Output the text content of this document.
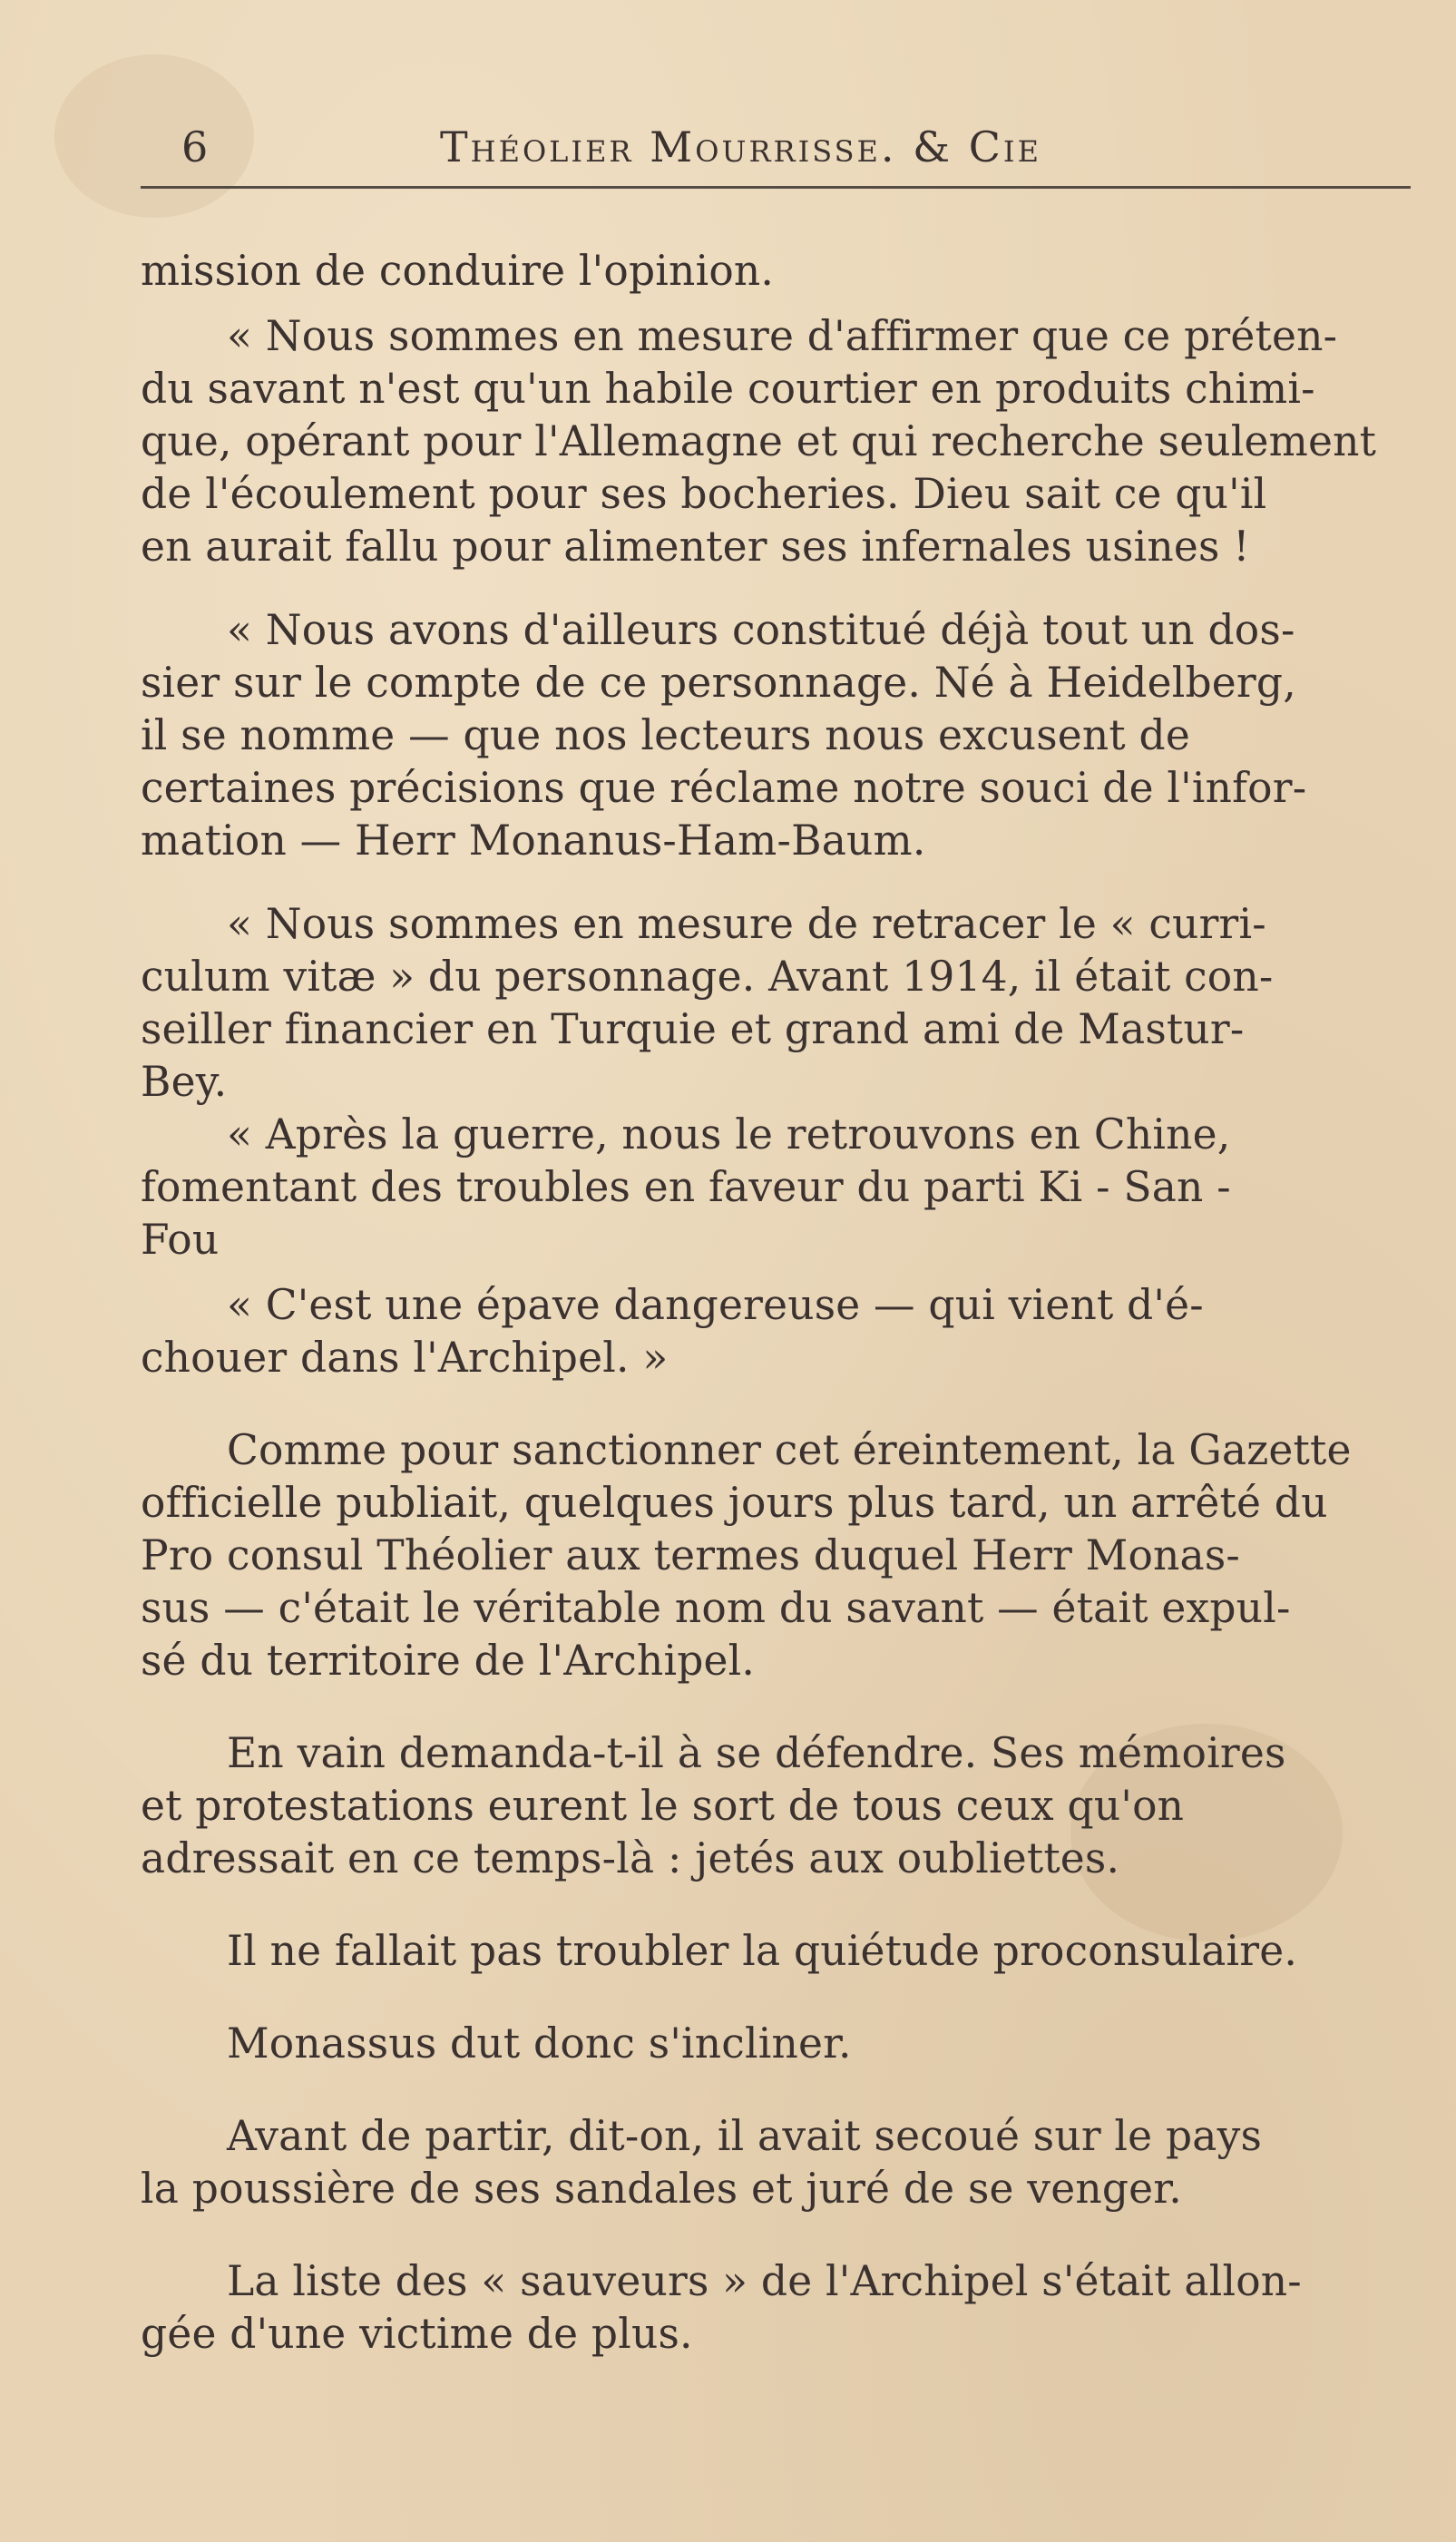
6	Théolier Mourrisse. & Cie
mission de conduire l'opinion.
« Nous sommes en mesure d'affirmer que ce préten-
du savant n'est qu'un habile courtier en produits chimi-
que, opérant pour l'Allemagne et qui recherche seulement
de l'écoulement pour ses bocheries. Dieu sait ce qu'il
en aurait fallu pour alimenter ses infernales usines !
« Nous avons d'ailleurs constitué déjà tout un dos-
sier sur le compte de ce personnage. Né à Heidelberg,
il se nomme — que nos lecteurs nous excusent de
certaines précisions que réclame notre souci de l'infor-
mation — Herr Monanus-Ham-Baum.
« Nous sommes en mesure de retracer le « curri-
culum vitæ » du personnage. Avant 1914, il était con-
seiller financier en Turquie et grand ami de Mastur-
Bey.
« Après la guerre, nous le retrouvons en Chine,
fomentant des troubles en faveur du parti Ki - San -
Fou
« C'est une épave dangereuse — qui vient d'é-
chouer dans l'Archipel. »
Comme pour sanctionner cet éreintement, la Gazette
officielle publiait, quelques jours plus tard, un arrêté du
Pro consul Théolier aux termes duquel Herr Monas-
sus — c'était le véritable nom du savant — était expul-
sé du territoire de l'Archipel.
En vain demanda-t-il à se défendre. Ses mémoires
et protestations eurent le sort de tous ceux qu'on
adressait en ce temps-là : jetés aux oubliettes.
Il ne fallait pas troubler la quiétude proconsulaire.
Monassus dut donc s'incliner.
Avant de partir, dit-on, il avait secoué sur le pays
la poussière de ses sandales et juré de se venger.
La liste des « sauveurs » de l'Archipel s'était allon-
gée d'une victime de plus.
